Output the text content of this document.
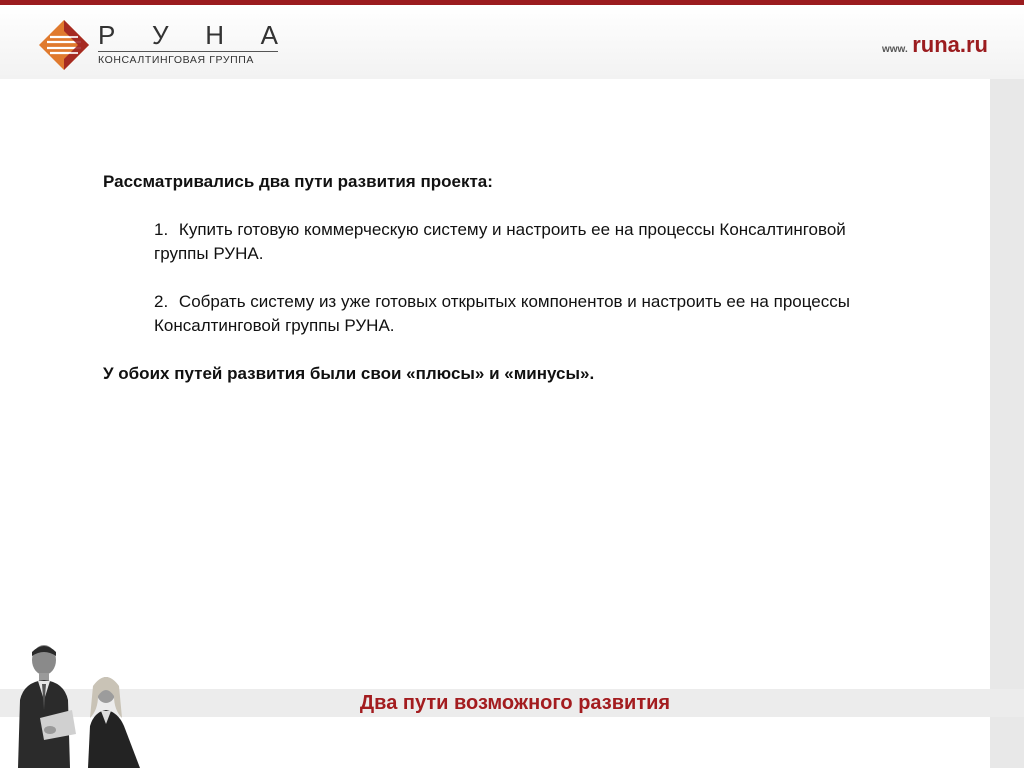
Р У Н А
КОНСАЛТИНГОВАЯ ГРУППА
www. runa.ru

Рассматривались два пути развития проекта:

1. Купить готовую коммерческую систему и настроить ее на процессы Консалтинговой группы РУНА.
2. Собрать систему из уже готовых открытых компонентов и настроить ее на процессы Консалтинговой группы РУНА.

У обоих путей развития были свои «плюсы» и «минусы».

Два пути возможного развития
